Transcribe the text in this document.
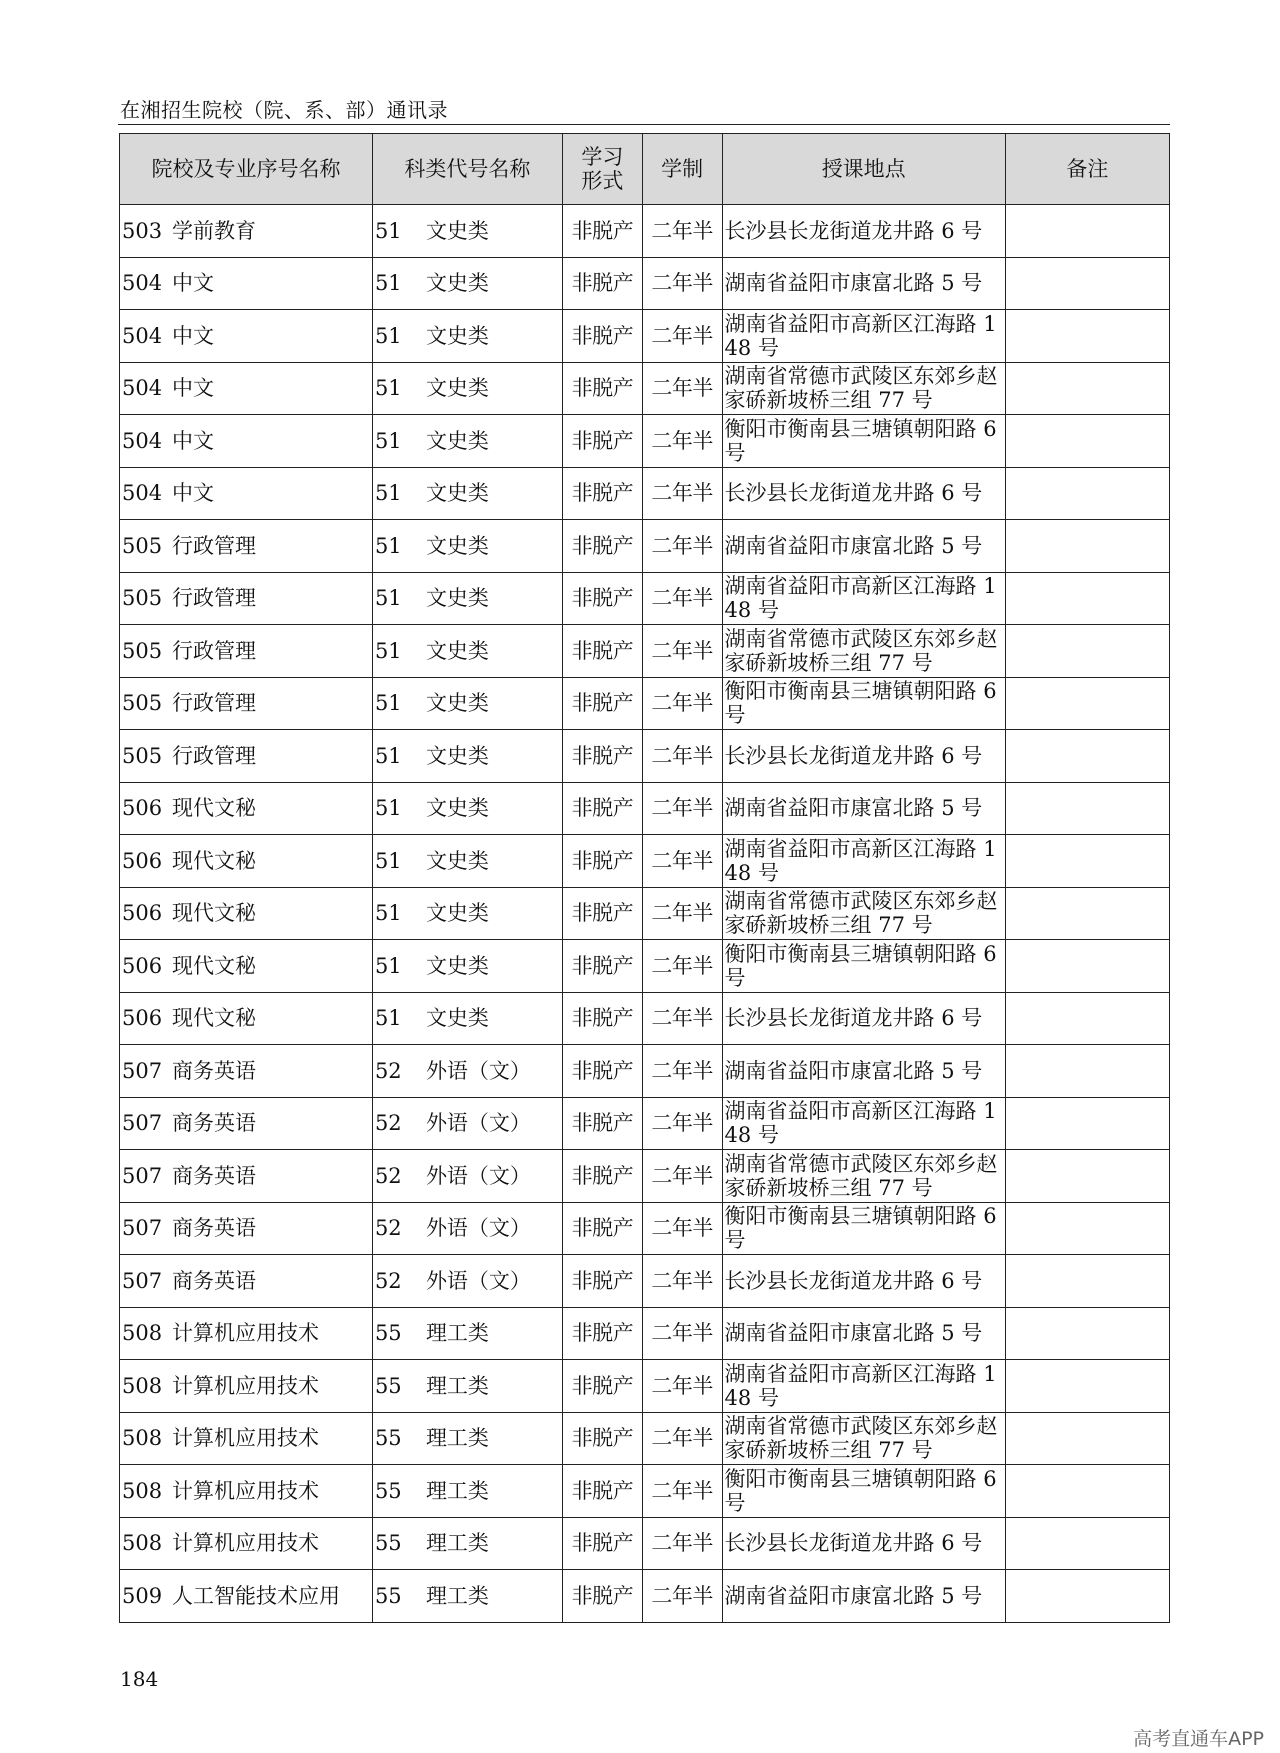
在湘招生院校（院、系、部）通讯录
院校及专业序号名称	科类代号名称	学习形式	学制	授课地点	备注
503 学前教育	51 文史类	非脱产	二年半	长沙县长龙街道龙井路 6 号	
504 中文	51 文史类	非脱产	二年半	湖南省益阳市康富北路 5 号	
504 中文	51 文史类	非脱产	二年半	湖南省益阳市高新区江海路 148 号	
504 中文	51 文史类	非脱产	二年半	湖南省常德市武陵区东郊乡赵家硚新坡桥三组 77 号	
504 中文	51 文史类	非脱产	二年半	衡阳市衡南县三塘镇朝阳路 6 号	
504 中文	51 文史类	非脱产	二年半	长沙县长龙街道龙井路 6 号	
505 行政管理	51 文史类	非脱产	二年半	湖南省益阳市康富北路 5 号	
505 行政管理	51 文史类	非脱产	二年半	湖南省益阳市高新区江海路 148 号	
505 行政管理	51 文史类	非脱产	二年半	湖南省常德市武陵区东郊乡赵家硚新坡桥三组 77 号	
505 行政管理	51 文史类	非脱产	二年半	衡阳市衡南县三塘镇朝阳路 6 号	
505 行政管理	51 文史类	非脱产	二年半	长沙县长龙街道龙井路 6 号	
506 现代文秘	51 文史类	非脱产	二年半	湖南省益阳市康富北路 5 号	
506 现代文秘	51 文史类	非脱产	二年半	湖南省益阳市高新区江海路 148 号	
506 现代文秘	51 文史类	非脱产	二年半	湖南省常德市武陵区东郊乡赵家硚新坡桥三组 77 号	
506 现代文秘	51 文史类	非脱产	二年半	衡阳市衡南县三塘镇朝阳路 6 号	
506 现代文秘	51 文史类	非脱产	二年半	长沙县长龙街道龙井路 6 号	
507 商务英语	52 外语（文）	非脱产	二年半	湖南省益阳市康富北路 5 号	
507 商务英语	52 外语（文）	非脱产	二年半	湖南省益阳市高新区江海路 148 号	
507 商务英语	52 外语（文）	非脱产	二年半	湖南省常德市武陵区东郊乡赵家硚新坡桥三组 77 号	
507 商务英语	52 外语（文）	非脱产	二年半	衡阳市衡南县三塘镇朝阳路 6 号	
507 商务英语	52 外语（文）	非脱产	二年半	长沙县长龙街道龙井路 6 号	
508 计算机应用技术	55 理工类	非脱产	二年半	湖南省益阳市康富北路 5 号	
508 计算机应用技术	55 理工类	非脱产	二年半	湖南省益阳市高新区江海路 148 号	
508 计算机应用技术	55 理工类	非脱产	二年半	湖南省常德市武陵区东郊乡赵家硚新坡桥三组 77 号	
508 计算机应用技术	55 理工类	非脱产	二年半	衡阳市衡南县三塘镇朝阳路 6 号	
508 计算机应用技术	55 理工类	非脱产	二年半	长沙县长龙街道龙井路 6 号	
509 人工智能技术应用	55 理工类	非脱产	二年半	湖南省益阳市康富北路 5 号	
184
高考直通车APP
